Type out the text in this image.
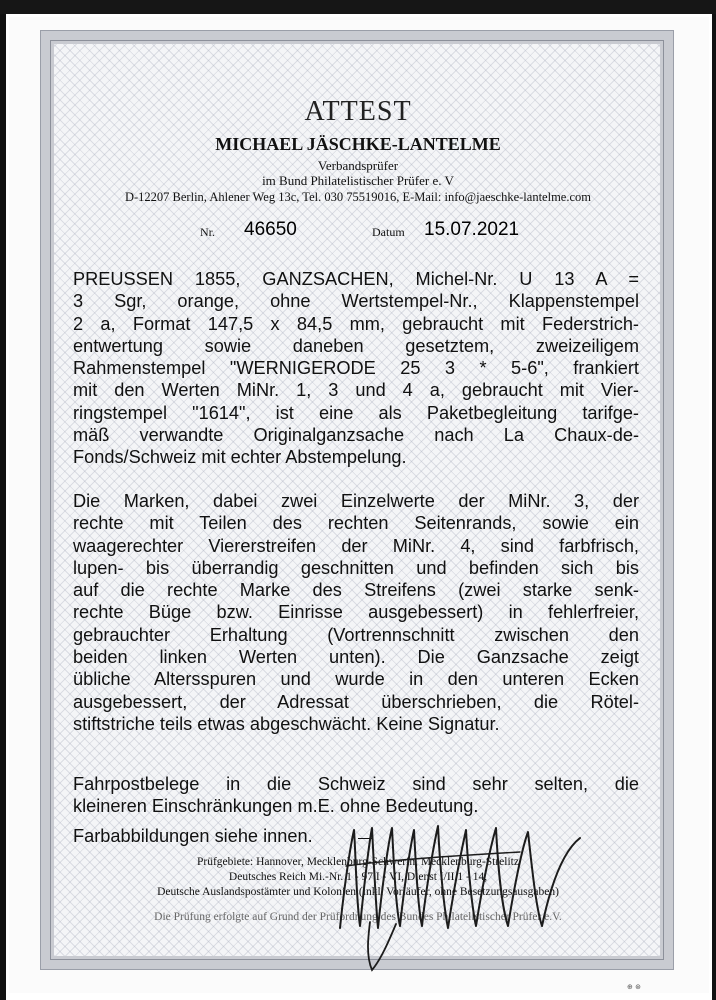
ATTEST
MICHAEL JÄSCHKE-LANTELME
Verbandsprüfer
im Bund Philatelistischer Prüfer e. V
D-12207 Berlin, Ahlener Weg 13c, Tel. 030 75519016, E-Mail: info@jaeschke-lantelme.com
Nr. 46650	Datum 15.07.2021
PREUSSEN 1855, GANZSACHEN, Michel-Nr. U 13 A =
3 Sgr, orange, ohne Wertstempel-Nr., Klappenstempel
2 a, Format 147,5 x 84,5 mm, gebraucht mit Federstrich-
entwertung sowie daneben gesetztem, zweizeiligem
Rahmenstempel "WERNIGERODE 25 3 * 5-6", frankiert
mit den Werten MiNr. 1, 3 und 4 a, gebraucht mit Vier-
ringstempel "1614", ist eine als Paketbegleitung tarifge-
mäß verwandte Originalganzsache nach La Chaux-de-
Fonds/Schweiz mit echter Abstempelung.
Die Marken, dabei zwei Einzelwerte der MiNr. 3, der
rechte mit Teilen des rechten Seitenrands, sowie ein
waagerechter Viererstreifen der MiNr. 4, sind farbfrisch,
lupen- bis überrandig geschnitten und befinden sich bis
auf die rechte Marke des Streifens (zwei starke senk-
rechte Büge bzw. Einrisse ausgebessert) in fehlerfreier,
gebrauchter Erhaltung (Vortrennschnitt zwischen den
beiden linken Werten unten). Die Ganzsache zeigt
übliche Altersspuren und wurde in den unteren Ecken
ausgebessert, der Adressat überschrieben, die Rötel-
stiftstriche teils etwas abgeschwächt. Keine Signatur.
Fahrpostbelege in die Schweiz sind sehr selten, die
kleineren Einschränkungen m.E. ohne Bedeutung.
Farbabbildungen siehe innen.
Prüfgebiete: Hannover, Mecklenburg-Schwerin, Mecklenburg-Strelitz
Deutsches Reich Mi.-Nr. 1 - 97 I - VI, Dienst I/II 1 - 14,
Deutsche Auslandspostämter und Kolonien (inkl. Vorläufer, ohne Besetzungsausgaben)
Die Prüfung erfolgte auf Grund der Prüfordnung des Bundes Philatelistischer Prüfer e.V.
⊕ ⊛
